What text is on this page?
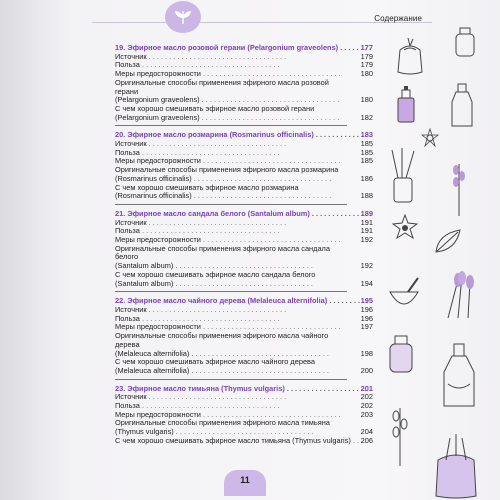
Содержание
19. Эфирное масло розовой герани (Pelargonium graveolens) . . .	177
Источник . . .	179
Польза . . .	179
Меры предосторожности . . .	180
Оригинальные способы применения эфирного масла розовой герани
(Pelargonium graveolens) . . .	180
С чем хорошо смешивать эфирное масло розовой герани
(Pelargonium graveolens) . . .	182
20. Эфирное масло розмарина (Rosmarinus officinalis) . . .	183
Источник . . .	185
Польза . . .	185
Меры предосторожности . . .	185
Оригинальные способы применения эфирного масла розмарина
(Rosmarinus officinalis) . . .	186
С чем хорошо смешивать эфирное масло розмарина
(Rosmarinus officinalis) . . .	188
21. Эфирное масло сандала белого (Santalum album) . . .	189
Источник . . .	191
Польза . . .	191
Меры предосторожности . . .	192
Оригинальные способы применения эфирного масла сандала белого
(Santalum album) . . .	192
С чем хорошо смешивать эфирное масло сандала белого
(Santalum album) . . .	194
22. Эфирное масло чайного дерева (Melaleuca alternifolia) . . .	195
Источник . . .	196
Польза . . .	196
Меры предосторожности . . .	197
Оригинальные способы применения эфирного масла чайного дерева
(Melaleuca alternifolia) . . .	198
С чем хорошо смешивать эфирное масло чайного дерева
(Melaleuca alternifolia) . . .	200
23. Эфирное масло тимьяна (Thymus vulgaris) . . .	201
Источник . . .	202
Польза . . .	202
Меры предосторожности . . .	203
Оригинальные способы применения эфирного масла тимьяна
(Thymus vulgaris) . . .	204
С чем хорошо смешивать эфирное масло тимьяна (Thymus vulgaris) . . .	206
11
